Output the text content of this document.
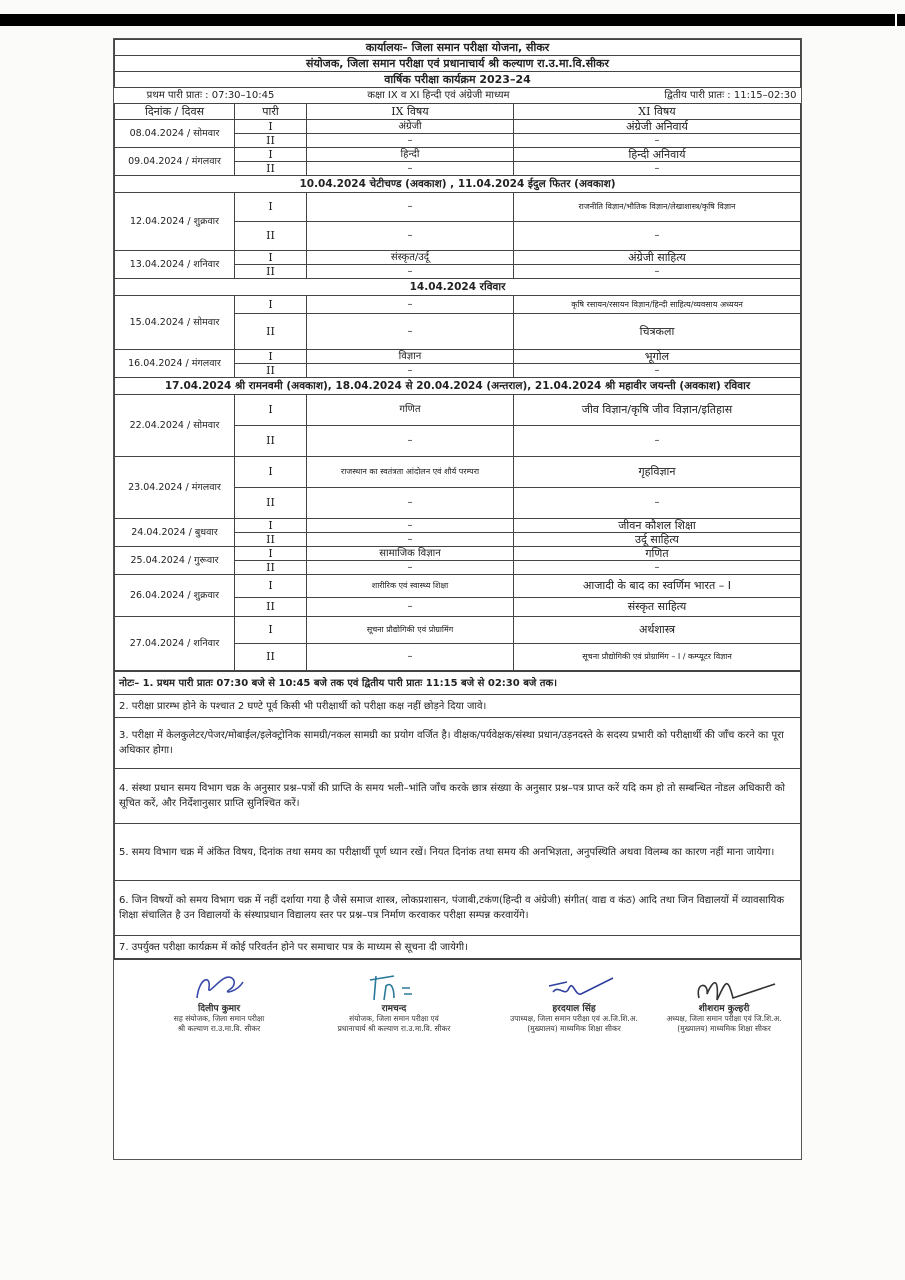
कार्यालयः– जिला समान परीक्षा योजना, सीकर			
संयोजक, जिला समान परीक्षा एवं प्रधानाचार्य श्री कल्याण रा.उ.मा.वि.सीकर			
वार्षिक परीक्षा कार्यक्रम 2023–24			
प्रथम पारी प्रातः : 07:30–10:45		कक्षा IX व XI हिन्दी एवं अंग्रेजी माध्यम	द्वितीय पारी प्रातः : 11:15–02:30
दिनांक / दिवस	पारी	IX विषय	XI विषय
08.04.2024 / सोमवार	I	अंग्रेजी	अंग्रेजी अनिवार्य
	II	–	–
09.04.2024 / मंगलवार	I	हिन्दी	हिन्दी अनिवार्य
	II	–	–
10.04.2024 चेटीचण्ड (अवकाश) , 11.04.2024 ईदुल फितर (अवकाश)			
12.04.2024 / शुक्रवार	I	–	राजनीति विज्ञान/भौतिक विज्ञान/लेखाशास्त्र/कृषि विज्ञान
	II	–	–
13.04.2024 / शनिवार	I	संस्कृत/उर्दू	अंग्रेजी साहित्य
	II	–	–
14.04.2024 रविवार			
15.04.2024 / सोमवार	I	–	कृषि रसायन/रसायन विज्ञान/हिन्दी साहित्य/व्यवसाय अध्ययन
	II	–	चित्रकला
16.04.2024 / मंगलवार	I	विज्ञान	भूगोल
	II	–	–
17.04.2024 श्री रामनवमी (अवकाश), 18.04.2024 से 20.04.2024 (अन्तराल), 21.04.2024 श्री महावीर जयन्ती (अवकाश) रविवार			
22.04.2024 / सोमवार	I	गणित	जीव विज्ञान/कृषि जीव विज्ञान/इतिहास
	II	–	–
23.04.2024 / मंगलवार	I	राजस्थान का स्वतंत्रता आंदोलन एवं शौर्य परम्परा	गृहविज्ञान
	II	–	–
24.04.2024 / बुधवार	I	–	जीवन कौशल शिक्षा
	II	–	उर्दू साहित्य
25.04.2024 / गुरूवार	I	सामाजिक विज्ञान	गणित
	II	–	–
26.04.2024 / शुक्रवार	I	शारीरिक एवं स्वास्थ्य शिक्षा	आजादी के बाद का स्वर्णिम भारत – I
	II	–	संस्कृत साहित्य
27.04.2024 / शनिवार	I	सूचना प्रौद्योगिकी एवं प्रोग्रामिंग	अर्थशास्त्र
	II	–	सूचना प्रौद्योगिकी एवं प्रोग्रामिंग – I / कम्प्यूटर विज्ञान
नोटः– 1. प्रथम पारी प्रातः 07:30 बजे से 10:45 बजे तक एवं द्वितीय पारी प्रातः 11:15 बजे से 02:30 बजे तक।
2. परीक्षा प्रारम्भ होने के पश्चात 2 घण्टे पूर्व किसी भी परीक्षार्थी को परीक्षा कक्ष नहीं छोड़ने दिया जावे।
3. परीक्षा में केलकुलेटर/पेजर/मोबाईल/इलेक्ट्रोनिक सामग्री/नकल सामग्री का प्रयोग वर्जित है। वीक्षक/पर्यवेक्षक/संस्था प्रधान/उड़नदस्ते के सदस्य प्रभारी को परीक्षार्थी की जाँच करने का पूरा अधिकार होगा।
4. संस्था प्रधान समय विभाग चक्र के अनुसार प्रश्न–पत्रों की प्राप्ति के समय भली–भांति जाँच करके छात्र संख्या के अनुसार प्रश्न–पत्र प्राप्त करें यदि कम हो तो सम्बन्धित नोडल अधिकारी को सूचित करें, और निर्देशानुसार प्राप्ति सुनिश्चित करें।
5. समय विभाग चक्र में अंकित विषय, दिनांक तथा समय का परीक्षार्थी पूर्ण ध्यान रखें। नियत दिनांक तथा समय की अनभिज्ञता, अनुपस्थिति अथवा विलम्ब का कारण नहीं माना जायेगा।
6. जिन विषयों को समय विभाग चक्र में नहीं दर्शाया गया है जैसे समाज शास्त्र, लोकप्रशासन, पंजाबी,टकंण(हिन्दी व अंग्रेजी) संगीत( वाद्य व कंठ) आदि तथा जिन विद्यालयों में व्यावसायिक शिक्षा संचालित है उन विद्यालयों के संस्थाप्रधान विद्यालय स्तर पर प्रश्न–पत्र निर्माण करवाकर परीक्षा सम्पन्न करवायेंगे।
7. उपर्युक्त परीक्षा कार्यक्रम में कोई परिवर्तन होने पर समाचार पत्र के माध्यम से सूचना दी जायेगी।
दिलीप कुमार
सह संयोजक, जिला समान परीक्षा
श्री कल्याण रा.उ.मा.वि. सीकर
रामचन्द
संयोजक, जिला समान परीक्षा एवं
प्रधानाचार्य श्री कल्याण रा.उ.मा.वि. सीकर
हरदयाल सिंह
उपाध्यक्ष, जिला समान परीक्षा एवं अ.जि.शि.अ.
(मुख्यालय) माध्यमिक शिक्षा सीकर
शीशराम कुल्हरी
अध्यक्ष, जिला समान परीक्षा एवं जि.शि.अ.
(मुख्यालय) माध्यमिक शिक्षा सीकर
